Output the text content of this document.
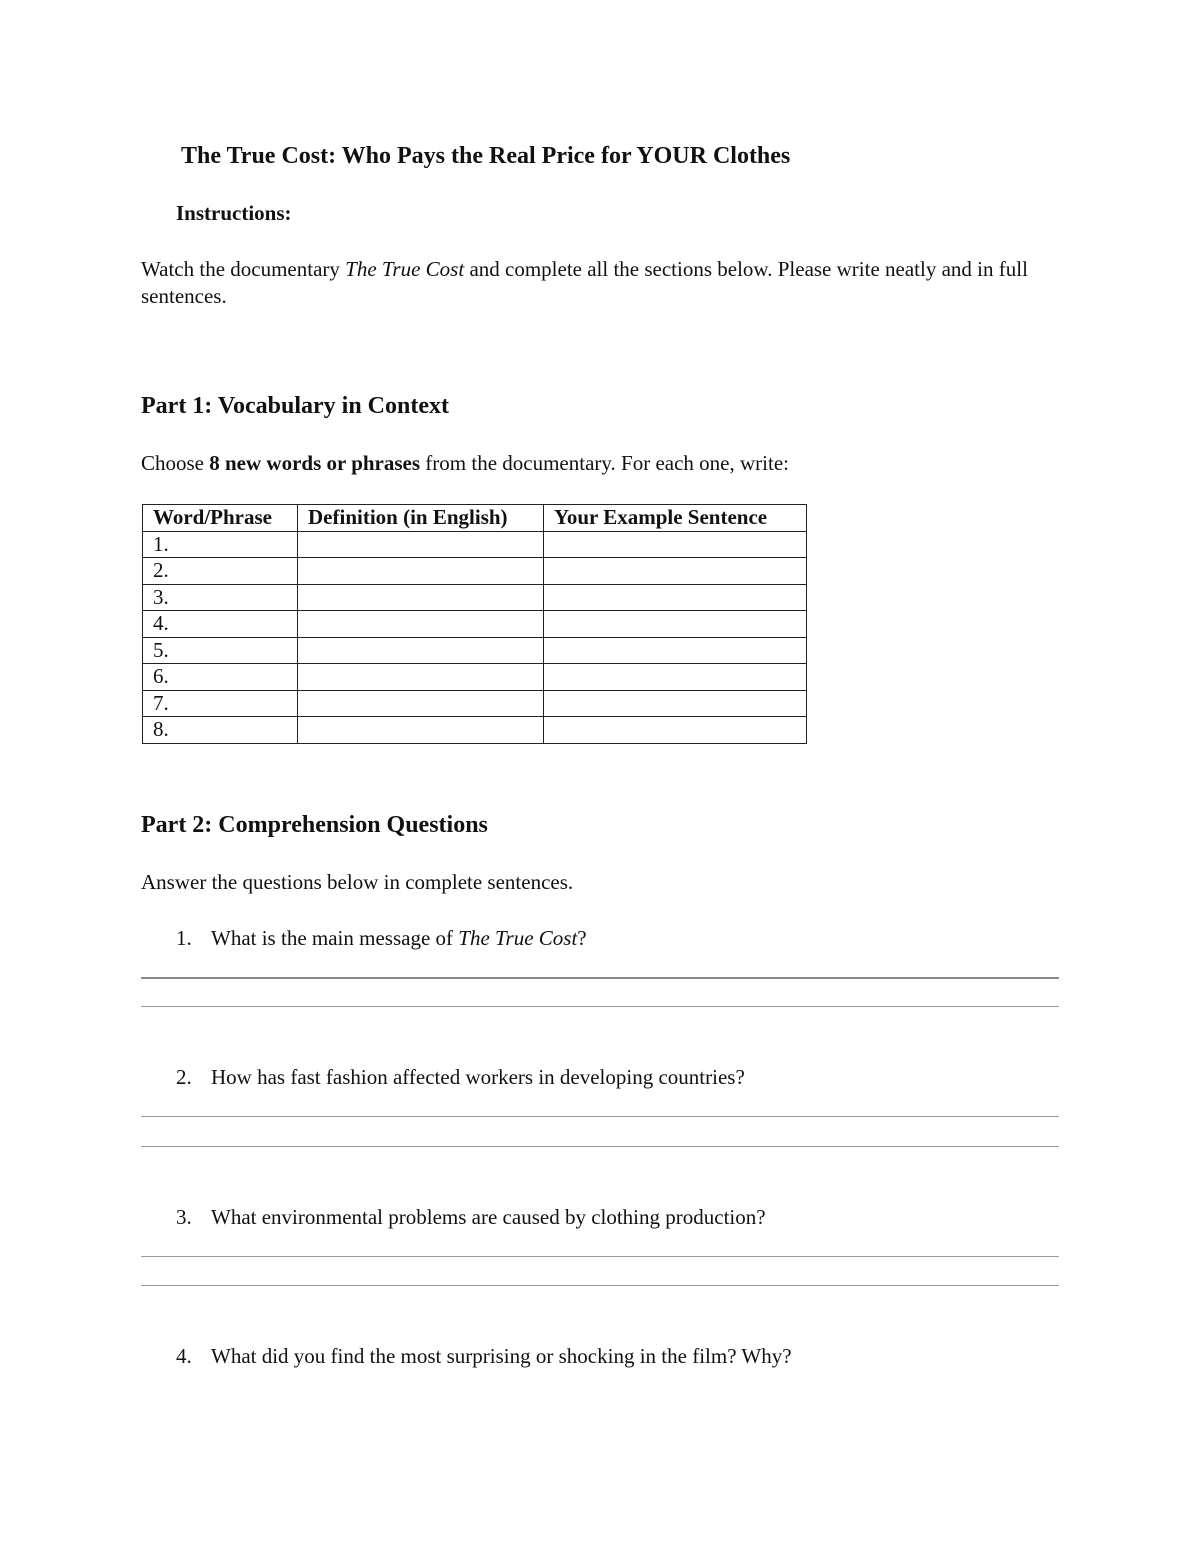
The True Cost: Who Pays the Real Price for YOUR Clothes
Instructions:
Watch the documentary The True Cost and complete all the sections below. Please write neatly and in full sentences.
Part 1: Vocabulary in Context
Choose 8 new words or phrases from the documentary. For each one, write:
Word/Phrase	Definition (in English)	Your Example Sentence
1.		
2.		
3.		
4.		
5.		
6.		
7.		
8.		
Part 2: Comprehension Questions
Answer the questions below in complete sentences.
1. What is the main message of The True Cost?
2. How has fast fashion affected workers in developing countries?
3. What environmental problems are caused by clothing production?
4. What did you find the most surprising or shocking in the film? Why?
